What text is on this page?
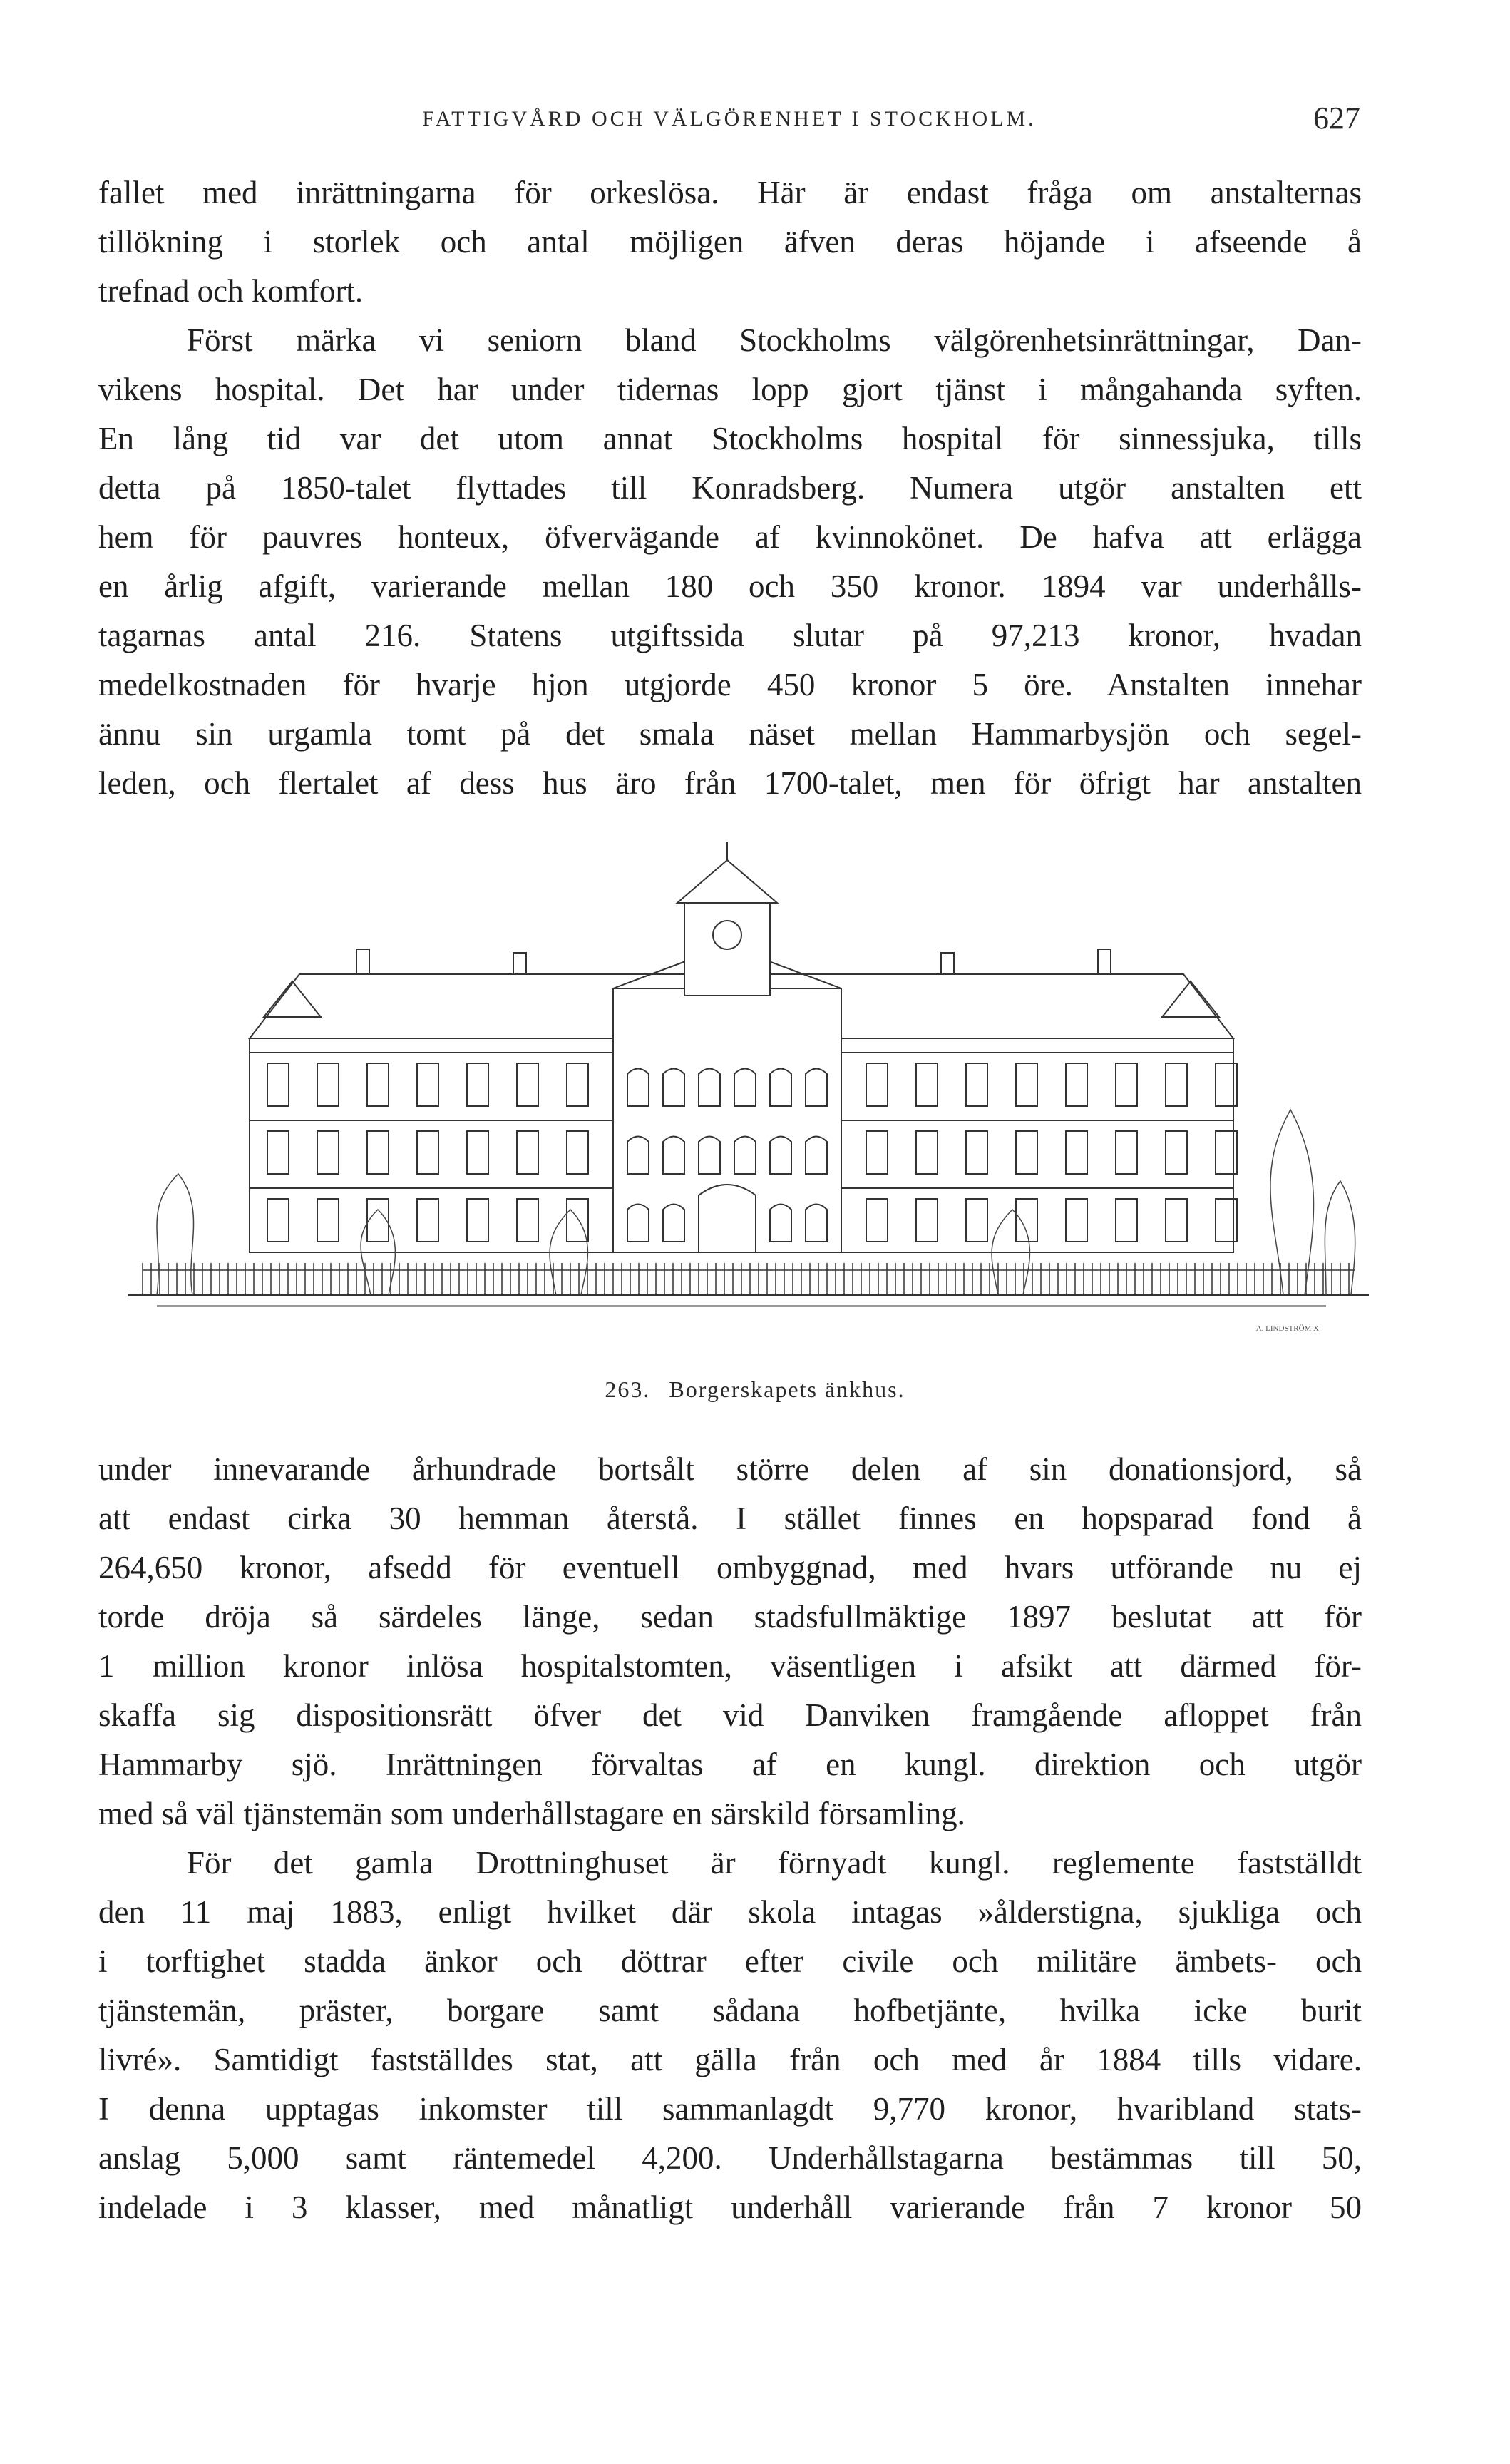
FATTIGVÅRD OCH VÄLGÖRENHET I STOCKHOLM.	627
fallet med inrättningarna för orkeslösa. Här är endast fråga om anstalternas
tillökning i storlek och antal möjligen äfven deras höjande i afseende å
trefnad och komfort.
Först märka vi seniorn bland Stockholms välgörenhetsinrättningar, Dan-
vikens hospital. Det har under tidernas lopp gjort tjänst i mångahanda syften.
En lång tid var det utom annat Stockholms hospital för sinnessjuka, tills
detta på 1850-talet flyttades till Konradsberg. Numera utgör anstalten ett
hem för pauvres honteux, öfvervägande af kvinnokönet. De hafva att erlägga
en årlig afgift, varierande mellan 180 och 350 kronor. 1894 var underhålls-
tagarnas antal 216. Statens utgiftssida slutar på 97,213 kronor, hvadan
medelkostnaden för hvarje hjon utgjorde 450 kronor 5 öre. Anstalten innehar
ännu sin urgamla tomt på det smala näset mellan Hammarbysjön och segel-
leden, och flertalet af dess hus äro från 1700-talet, men för öfrigt har anstalten
A. LINDSTRÖM X
263. Borgerskapets änkhus.
under innevarande århundrade bortsålt större delen af sin donationsjord, så
att endast cirka 30 hemman återstå. I stället finnes en hopsparad fond å
264,650 kronor, afsedd för eventuell ombyggnad, med hvars utförande nu ej
torde dröja så särdeles länge, sedan stadsfullmäktige 1897 beslutat att för
1 million kronor inlösa hospitalstomten, väsentligen i afsikt att därmed för-
skaffa sig dispositionsrätt öfver det vid Danviken framgående afloppet från
Hammarby sjö. Inrättningen förvaltas af en kungl. direktion och utgör
med så väl tjänstemän som underhållstagare en särskild församling.
För det gamla Drottninghuset är förnyadt kungl. reglemente fastställdt
den 11 maj 1883, enligt hvilket där skola intagas »ålderstigna, sjukliga och
i torftighet stadda änkor och döttrar efter civile och militäre ämbets- och
tjänstemän, präster, borgare samt sådana hofbetjänte, hvilka icke burit
livré». Samtidigt fastställdes stat, att gälla från och med år 1884 tills vidare.
I denna upptagas inkomster till sammanlagdt 9,770 kronor, hvaribland stats-
anslag 5,000 samt räntemedel 4,200. Underhållstagarna bestämmas till 50,
indelade i 3 klasser, med månatligt underhåll varierande från 7 kronor 50
